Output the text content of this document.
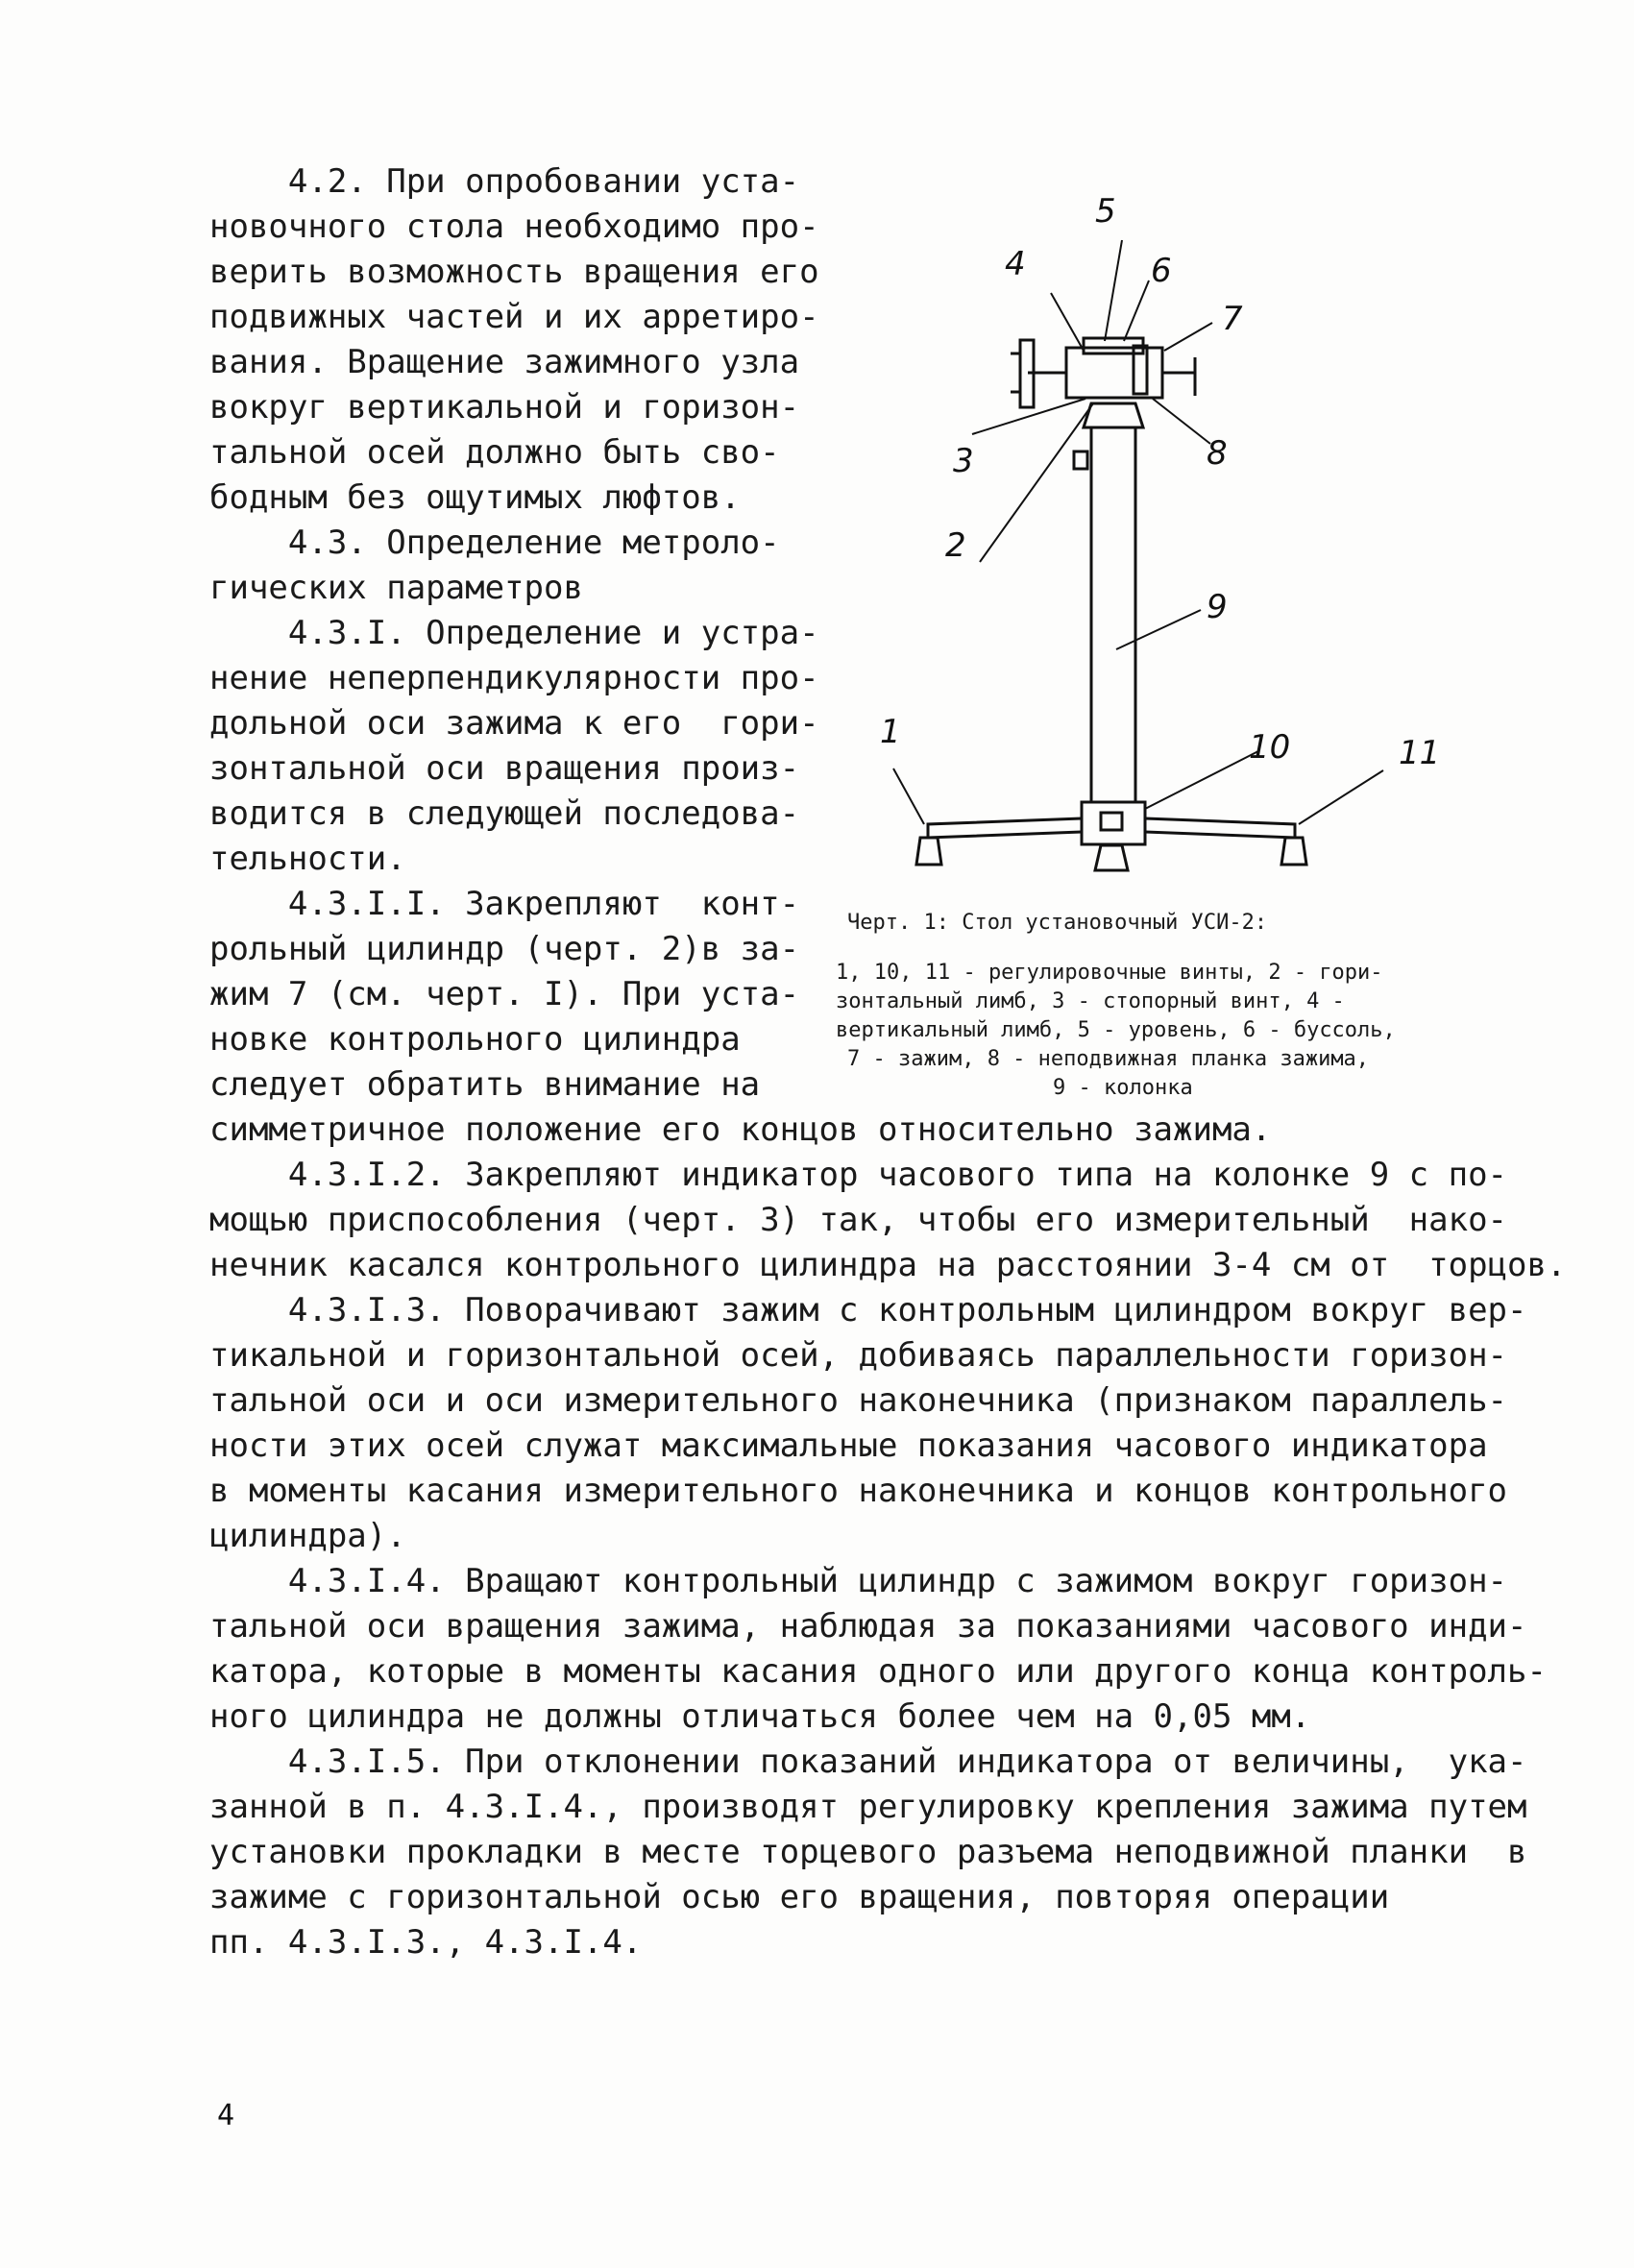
4.2. При опробовании уста-
новочного стола необходимо про-
верить возможность вращения его
подвижных частей и их арретиро-
вания. Вращение зажимного узла
вокруг вертикальной и горизон-
тальной осей должно быть сво-
бодным без ощутимых люфтов.
4.3. Определение метроло-
гических параметров
4.3.I. Определение и устра-
нение неперпендикулярности про-
дольной оси зажима к его  гори-
зонтальной оси вращения произ-
водится в следующей последова-
тельности.
4.3.I.I. Закрепляют  конт-
рольный цилиндр (черт. 2)в за-
жим 7 (см. черт. I). При уста-
новке контрольного цилиндра
следует обратить внимание на
симметричное положение его концов относительно зажима.
4.3.I.2. Закрепляют индикатор часового типа на колонке 9 с по-
мощью приспособления (черт. 3) так, чтобы его измерительный  нако-
нечник касался контрольного цилиндра на расстоянии 3-4 см от  торцов.
4.3.I.3. Поворачивают зажим с контрольным цилиндром вокруг вер-
тикальной и горизонтальной осей, добиваясь параллельности горизон-
тальной оси и оси измерительного наконечника (признаком параллель-
ности этих осей служат максимальные показания часового индикатора
в моменты касания измерительного наконечника и концов контрольного
цилиндра).
4.3.I.4. Вращают контрольный цилиндр с зажимом вокруг горизон-
тальной оси вращения зажима, наблюдая за показаниями часового инди-
катора, которые в моменты касания одного или другого конца контроль-
ного цилиндра не должны отличаться более чем на 0,05 мм.
4.3.I.5. При отклонении показаний индикатора от величины,  ука-
занной в п. 4.3.I.4., производят регулировку крепления зажима путем
установки прокладки в месте торцевого разъема неподвижной планки  в
зажиме с горизонтальной осью его вращения, повторяя операции
пп. 4.3.I.3., 4.3.I.4.
5
4	6
7
3	8
2
9
1	10	11
Черт. 1: Стол установочный УСИ-2:
1, 10, 11 - регулировочные винты, 2 - гори-
зонтальный лимб, 3 - стопорный винт, 4 -
вертикальный лимб, 5 - уровень, 6 - буссоль,
7 - зажим, 8 - неподвижная планка зажима,
9 - колонка
4
